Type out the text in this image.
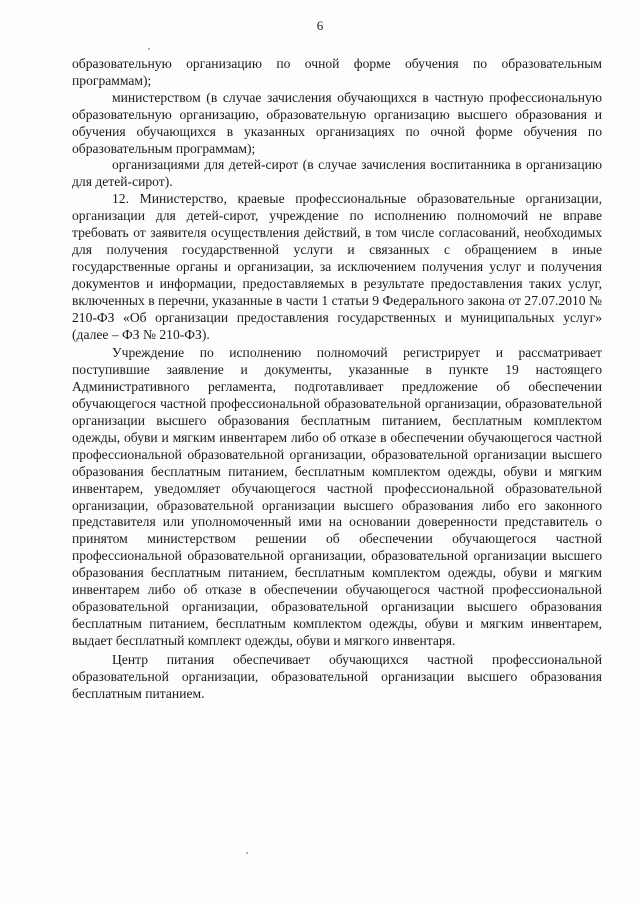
6

образовательную организацию по очной форме обучения по образовательным программам);

министерством (в случае зачисления обучающихся в частную профессиональную образовательную организацию, образовательную организацию высшего образования и обучения обучающихся в указанных организациях по очной форме обучения по образовательным программам);

организациями для детей-сирот (в случае зачисления воспитанника в организацию для детей-сирот).

12. Министерство, краевые профессиональные образовательные организации, организации для детей-сирот, учреждение по исполнению полномочий не вправе требовать от заявителя осуществления действий, в том числе согласований, необходимых для получения государственной услуги и связанных с обращением в иные государственные органы и организации, за исключением получения услуг и получения документов и информации, предоставляемых в результате предоставления таких услуг, включенных в перечни, указанные в части 1 статьи 9 Федерального закона от 27.07.2010 № 210-ФЗ «Об организации предоставления государственных и муниципальных услуг» (далее – ФЗ № 210-ФЗ).

Учреждение по исполнению полномочий регистрирует и рассматривает поступившие заявление и документы, указанные в пункте 19 настоящего Административного регламента, подготавливает предложение об обеспечении обучающегося частной профессиональной образовательной организации, образовательной организации высшего образования бесплатным питанием, бесплатным комплектом одежды, обуви и мягким инвентарем либо об отказе в обеспечении обучающегося частной профессиональной образовательной организации, образовательной организации высшего образования бесплатным питанием, бесплатным комплектом одежды, обуви и мягким инвентарем, уведомляет обучающегося частной профессиональной образовательной организации, образовательной организации высшего образования либо его законного представителя или уполномоченный ими на основании доверенности представитель о принятом министерством решении об обеспечении обучающегося частной профессиональной образовательной организации, образовательной организации высшего образования бесплатным питанием, бесплатным комплектом одежды, обуви и мягким инвентарем либо об отказе в обеспечении обучающегося частной профессиональной образовательной организации, образовательной организации высшего образования бесплатным питанием, бесплатным комплектом одежды, обуви и мягким инвентарем, выдает бесплатный комплект одежды, обуви и мягкого инвентаря.

Центр питания обеспечивает обучающихся частной профессиональной образовательной организации, образовательной организации высшего образования бесплатным питанием.
